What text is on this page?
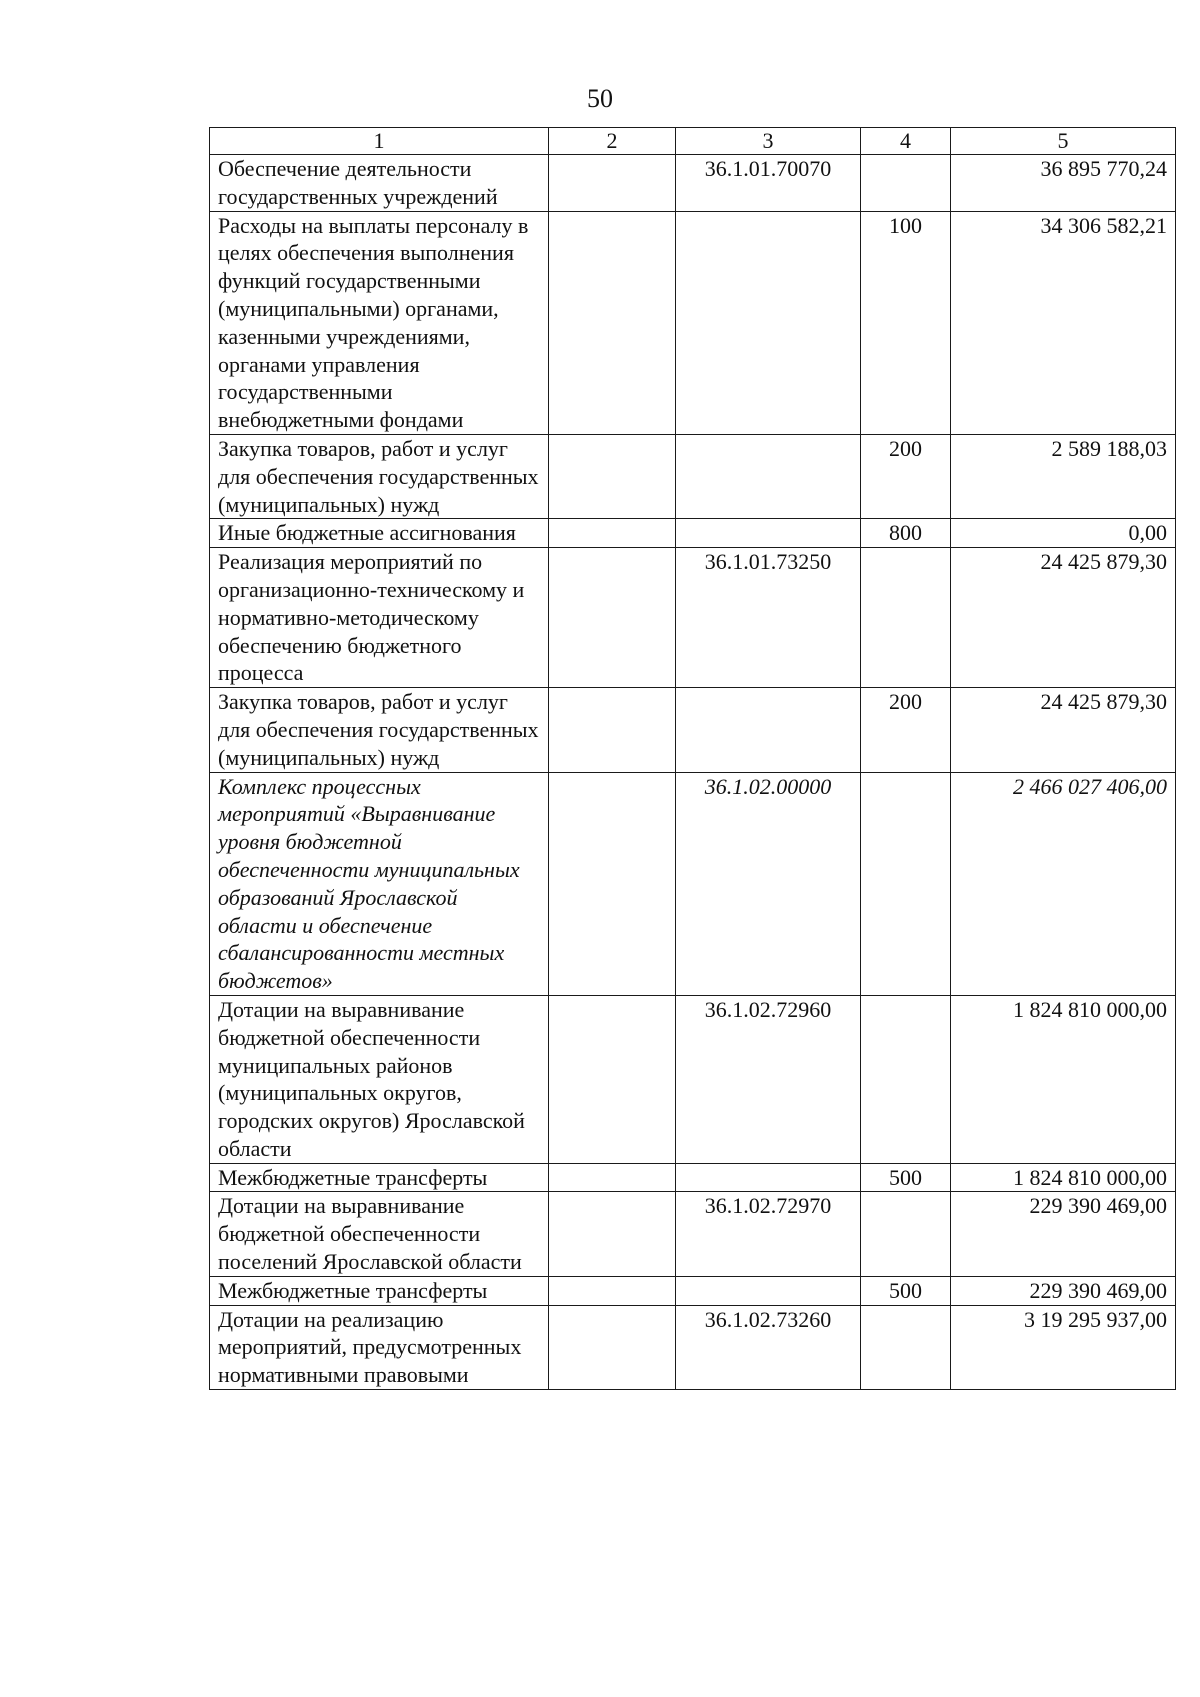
50
1	2	3	4	5
Обеспечение деятельности государственных учреждений		36.1.01.70070		36 895 770,24
Расходы на выплаты персоналу в целях обеспечения выполнения функций государственными (муниципальными) органами, казенными учреждениями, органами управления государственными внебюджетными фондами			100	34 306 582,21
Закупка товаров, работ и услуг для обеспечения государственных (муниципальных) нужд			200	2 589 188,03
Иные бюджетные ассигнования			800	0,00
Реализация мероприятий по организационно-техническому и нормативно-методическому обеспечению бюджетного процесса		36.1.01.73250		24 425 879,30
Закупка товаров, работ и услуг для обеспечения государственных (муниципальных) нужд			200	24 425 879,30
Комплекс процессных мероприятий «Выравнивание уровня бюджетной обеспеченности муниципальных образований Ярославской области и обеспечение сбалансированности местных бюджетов»		36.1.02.00000		2 466 027 406,00
Дотации на выравнивание бюджетной обеспеченности муниципальных районов (муниципальных округов, городских округов) Ярославской области		36.1.02.72960		1 824 810 000,00
Межбюджетные трансферты			500	1 824 810 000,00
Дотации на выравнивание бюджетной обеспеченности поселений Ярославской области		36.1.02.72970		229 390 469,00
Межбюджетные трансферты			500	229 390 469,00
Дотации на реализацию мероприятий, предусмотренных нормативными правовыми		36.1.02.73260		3 19 295 937,00
